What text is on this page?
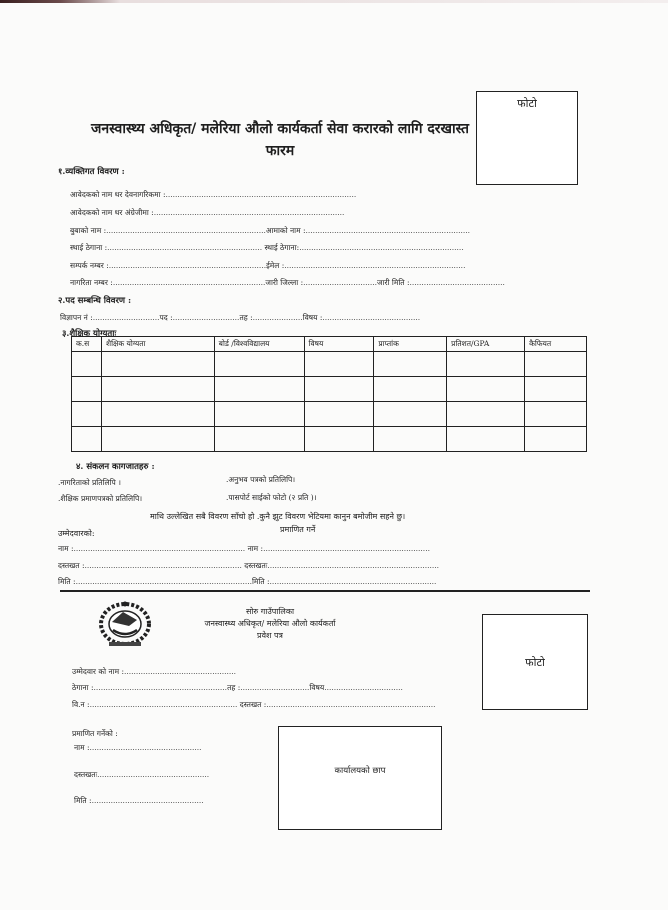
फोटो
जनस्वास्थ्य अधिकृत/ मलेरिया औलो कार्यकर्ता सेवा करारको लागि दरखास्त
फारम
१.व्यक्तिगत विवरण :
आवेदकको नाम थर देवनागरिकमा :................................................................................
आवेदकको नाम थर अंग्रेजीमा :................................................................................
बुबाको नाम :...................................................................आमाको नाम :.....................................................................
स्थाई ठेगाना :................................................................. स्थाई ठेगाना:.....................................................................
सम्पर्क नम्बर :..................................................................ईमेल :............................................................................
नागरिता नम्बर :................................................................जारी जिल्ला :...............................जारी मिति :........................................
२.पद सम्बन्धि विवरण :
विज्ञापन नं :............................पद :............................तह :.....................विषय :.........................................
३.शैक्षिक योग्यताः
क.स	शैक्षिक योग्यता	बोर्ड /विश्वविद्यालय	विषय	प्राप्तांक	प्रतिशत/GPA	कैफियत

४. संकलन कागजातहरु :
.नागरिताको प्रतिलिपि ।	.अनुभव पत्रको प्रतिलिपि।
.शैक्षिक प्रमाणपत्रको प्रतिलिपि।	.पासपोर्ट साईको फोटो (२ प्रति )।
माथि उल्लेखित सबै विवरण साँचो हो .कुनै झुट विवरण भेटियमा कानुन बमोजीम सहने छु।
उम्मेदवारको:	प्रमाणित गर्ने
नाम :........................................................................ नाम :......................................................................
दस्तखत :.................................................................. दस्तखतः........................................................................
मिति :..........................................................................मिति :......................................................................
सोरु गाउँपालिका
जनस्वास्थ्य अधिकृत/ मलेरिया औलो कार्यकर्ता
प्रवेश पत्र
फोटो
उम्मेदवार को नाम :...............................................
ठेगाना :........................................................तह :.............................विषय.................................
वि.न :.............................................................. दस्तखत :.......................................................................
प्रमाणित गर्नेको :
नाम :...............................................
दस्तखतः...............................................
मिति :...............................................
कार्यालयको छाप
